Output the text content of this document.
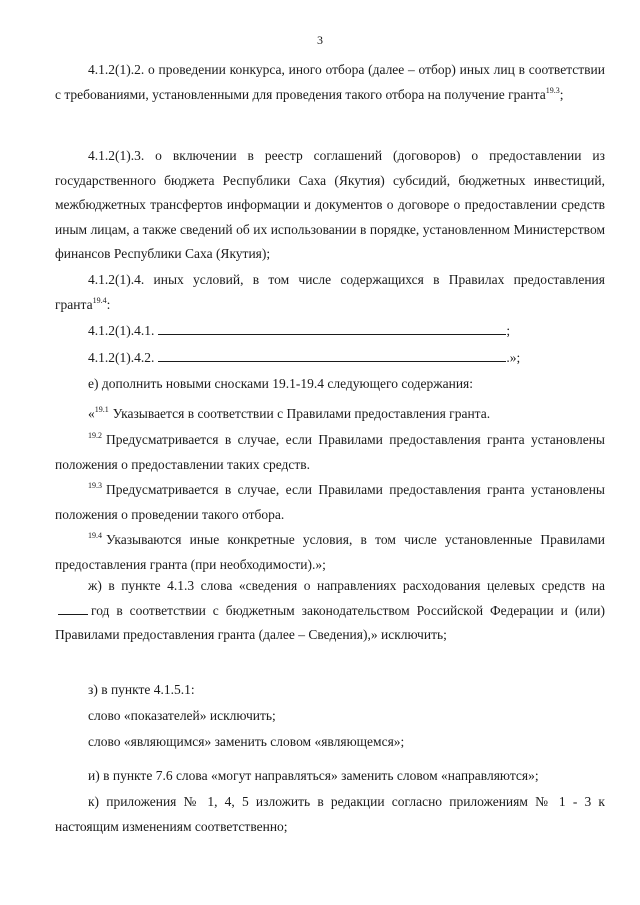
3

4.1.2(1).2. о проведении конкурса, иного отбора (далее – отбор) иных лиц в соответствии с требованиями, установленными для проведения такого отбора на получение гранта$^{19.3}$;

4.1.2(1).3. о включении в реестр соглашений (договоров) о предоставлении из государственного бюджета Республики Саха (Якутия) субсидий, бюджетных инвестиций, межбюджетных трансфертов информации и документов о договоре о предоставлении средств иным лицам, а также сведений об их использовании в порядке, установленном Министерством финансов Республики Саха (Якутия);

4.1.2(1).4. иных условий, в том числе содержащихся в Правилах предоставления гранта$^{19.4}$:

4.1.2(1).4.1.	;
4.1.2(1).4.2.	.»;

е) дополнить новыми сносками 19.1-19.4 следующего содержания:

«$^{19.1}$ Указывается в соответствии с Правилами предоставления гранта.

$^{19.2}$ Предусматривается в случае, если Правилами предоставления гранта установлены положения о предоставлении таких средств.

$^{19.3}$ Предусматривается в случае, если Правилами предоставления гранта установлены положения о проведении такого отбора.

$^{19.4}$ Указываются иные конкретные условия, в том числе установленные Правилами предоставления гранта (при необходимости).»;

ж) в пункте 4.1.3 слова «сведения о направлениях расходования целевых средств нагод в соответствии с бюджетным законодательством Российской Федерации и (или) Правилами предоставления гранта (далее – Сведения),» исключить;

з) в пункте 4.1.5.1:

слово «показателей» исключить;

слово «являющимся» заменить словом «являющемся»;

и) в пункте 7.6 слова «могут направляться» заменить словом «направляются»;

к) приложения № 1, 4, 5 изложить в редакции согласно приложениям № 1 - 3 к настоящим изменениям соответственно;
